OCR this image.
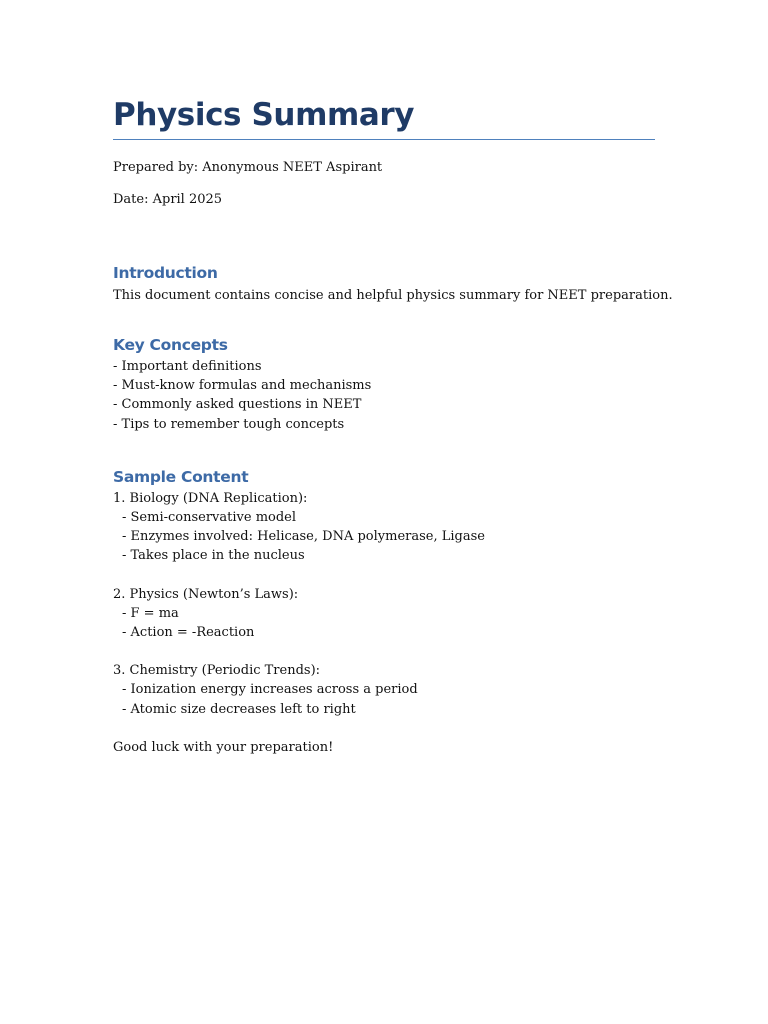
Physics Summary

Prepared by: Anonymous NEET Aspirant

Date: April 2025

Introduction

This document contains concise and helpful physics summary for NEET preparation.

Key Concepts
- Important definitions
- Must-know formulas and mechanisms
- Commonly asked questions in NEET
- Tips to remember tough concepts
Sample Content
1. Biology (DNA Replication):
- Semi-conservative model
- Enzymes involved: Helicase, DNA polymerase, Ligase
- Takes place in the nucleus
2. Physics (Newton’s Laws):
- F = ma
- Action = -Reaction
3. Chemistry (Periodic Trends):
- Ionization energy increases across a period
- Atomic size decreases left to right

Good luck with your preparation!
